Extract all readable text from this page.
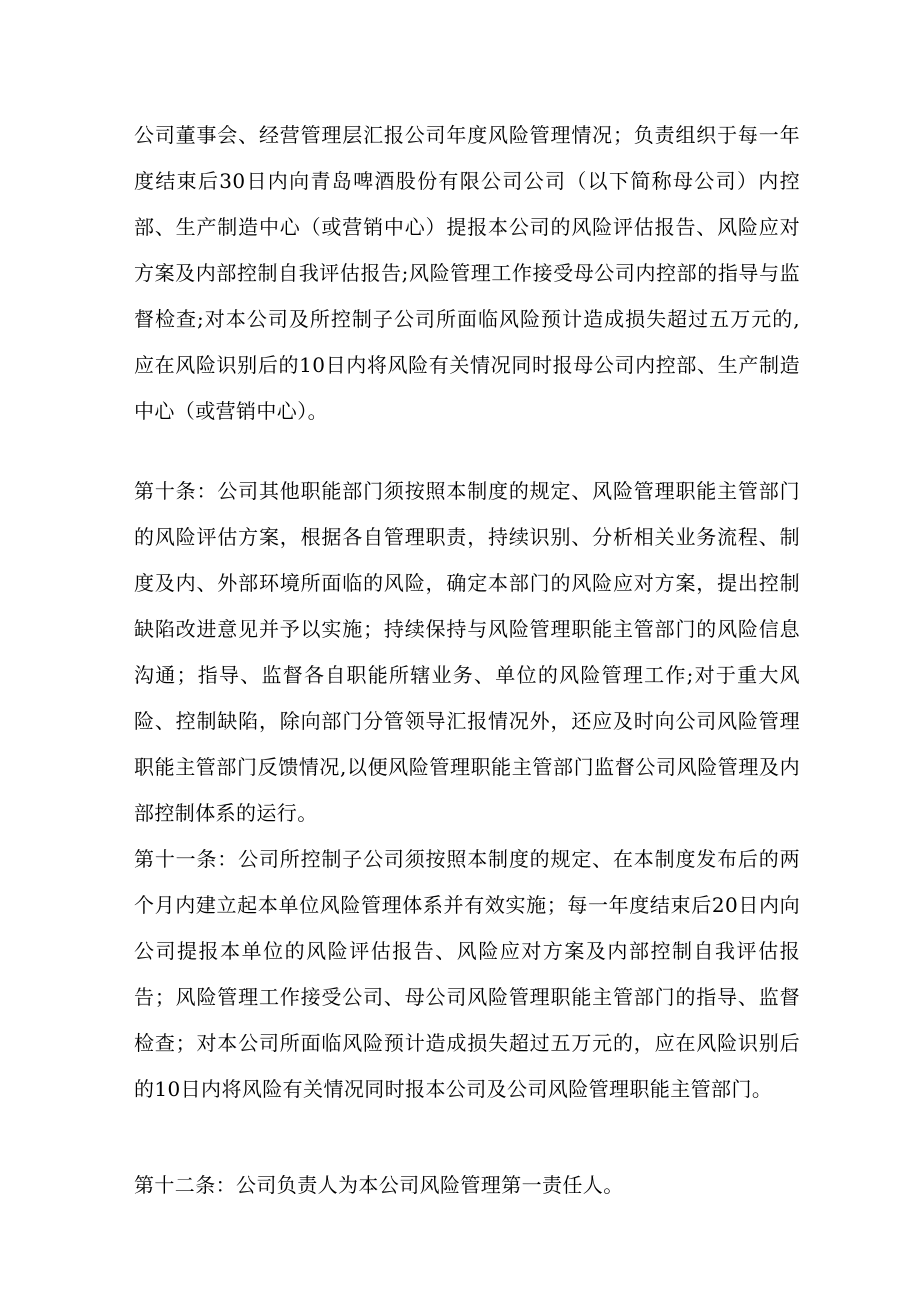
公司董事会、经营管理层汇报公司年度风险管理情况；负责组织于每一年度结束后30日内向青岛啤酒股份有限公司公司（以下简称母公司）内控部、生产制造中心（或营销中心）提报本公司的风险评估报告、风险应对方案及内部控制自我评估报告;风险管理工作接受母公司内控部的指导与监督检查;对本公司及所控制子公司所面临风险预计造成损失超过五万元的,应在风险识别后的10日内将风险有关情况同时报母公司内控部、生产制造中心（或营销中心）。

第十条：公司其他职能部门须按照本制度的规定、风险管理职能主管部门的风险评估方案，根据各自管理职责，持续识别、分析相关业务流程、制度及内、外部环境所面临的风险，确定本部门的风险应对方案，提出控制缺陷改进意见并予以实施；持续保持与风险管理职能主管部门的风险信息沟通；指导、监督各自职能所辖业务、单位的风险管理工作;对于重大风险、控制缺陷，除向部门分管领导汇报情况外，还应及时向公司风险管理职能主管部门反馈情况,以便风险管理职能主管部门监督公司风险管理及内部控制体系的运行。

第十一条：公司所控制子公司须按照本制度的规定、在本制度发布后的两个月内建立起本单位风险管理体系并有效实施；每一年度结束后20日内向公司提报本单位的风险评估报告、风险应对方案及内部控制自我评估报告；风险管理工作接受公司、母公司风险管理职能主管部门的指导、监督检查；对本公司所面临风险预计造成损失超过五万元的，应在风险识别后的10日内将风险有关情况同时报本公司及公司风险管理职能主管部门。

第十二条：公司负责人为本公司风险管理第一责任人。
